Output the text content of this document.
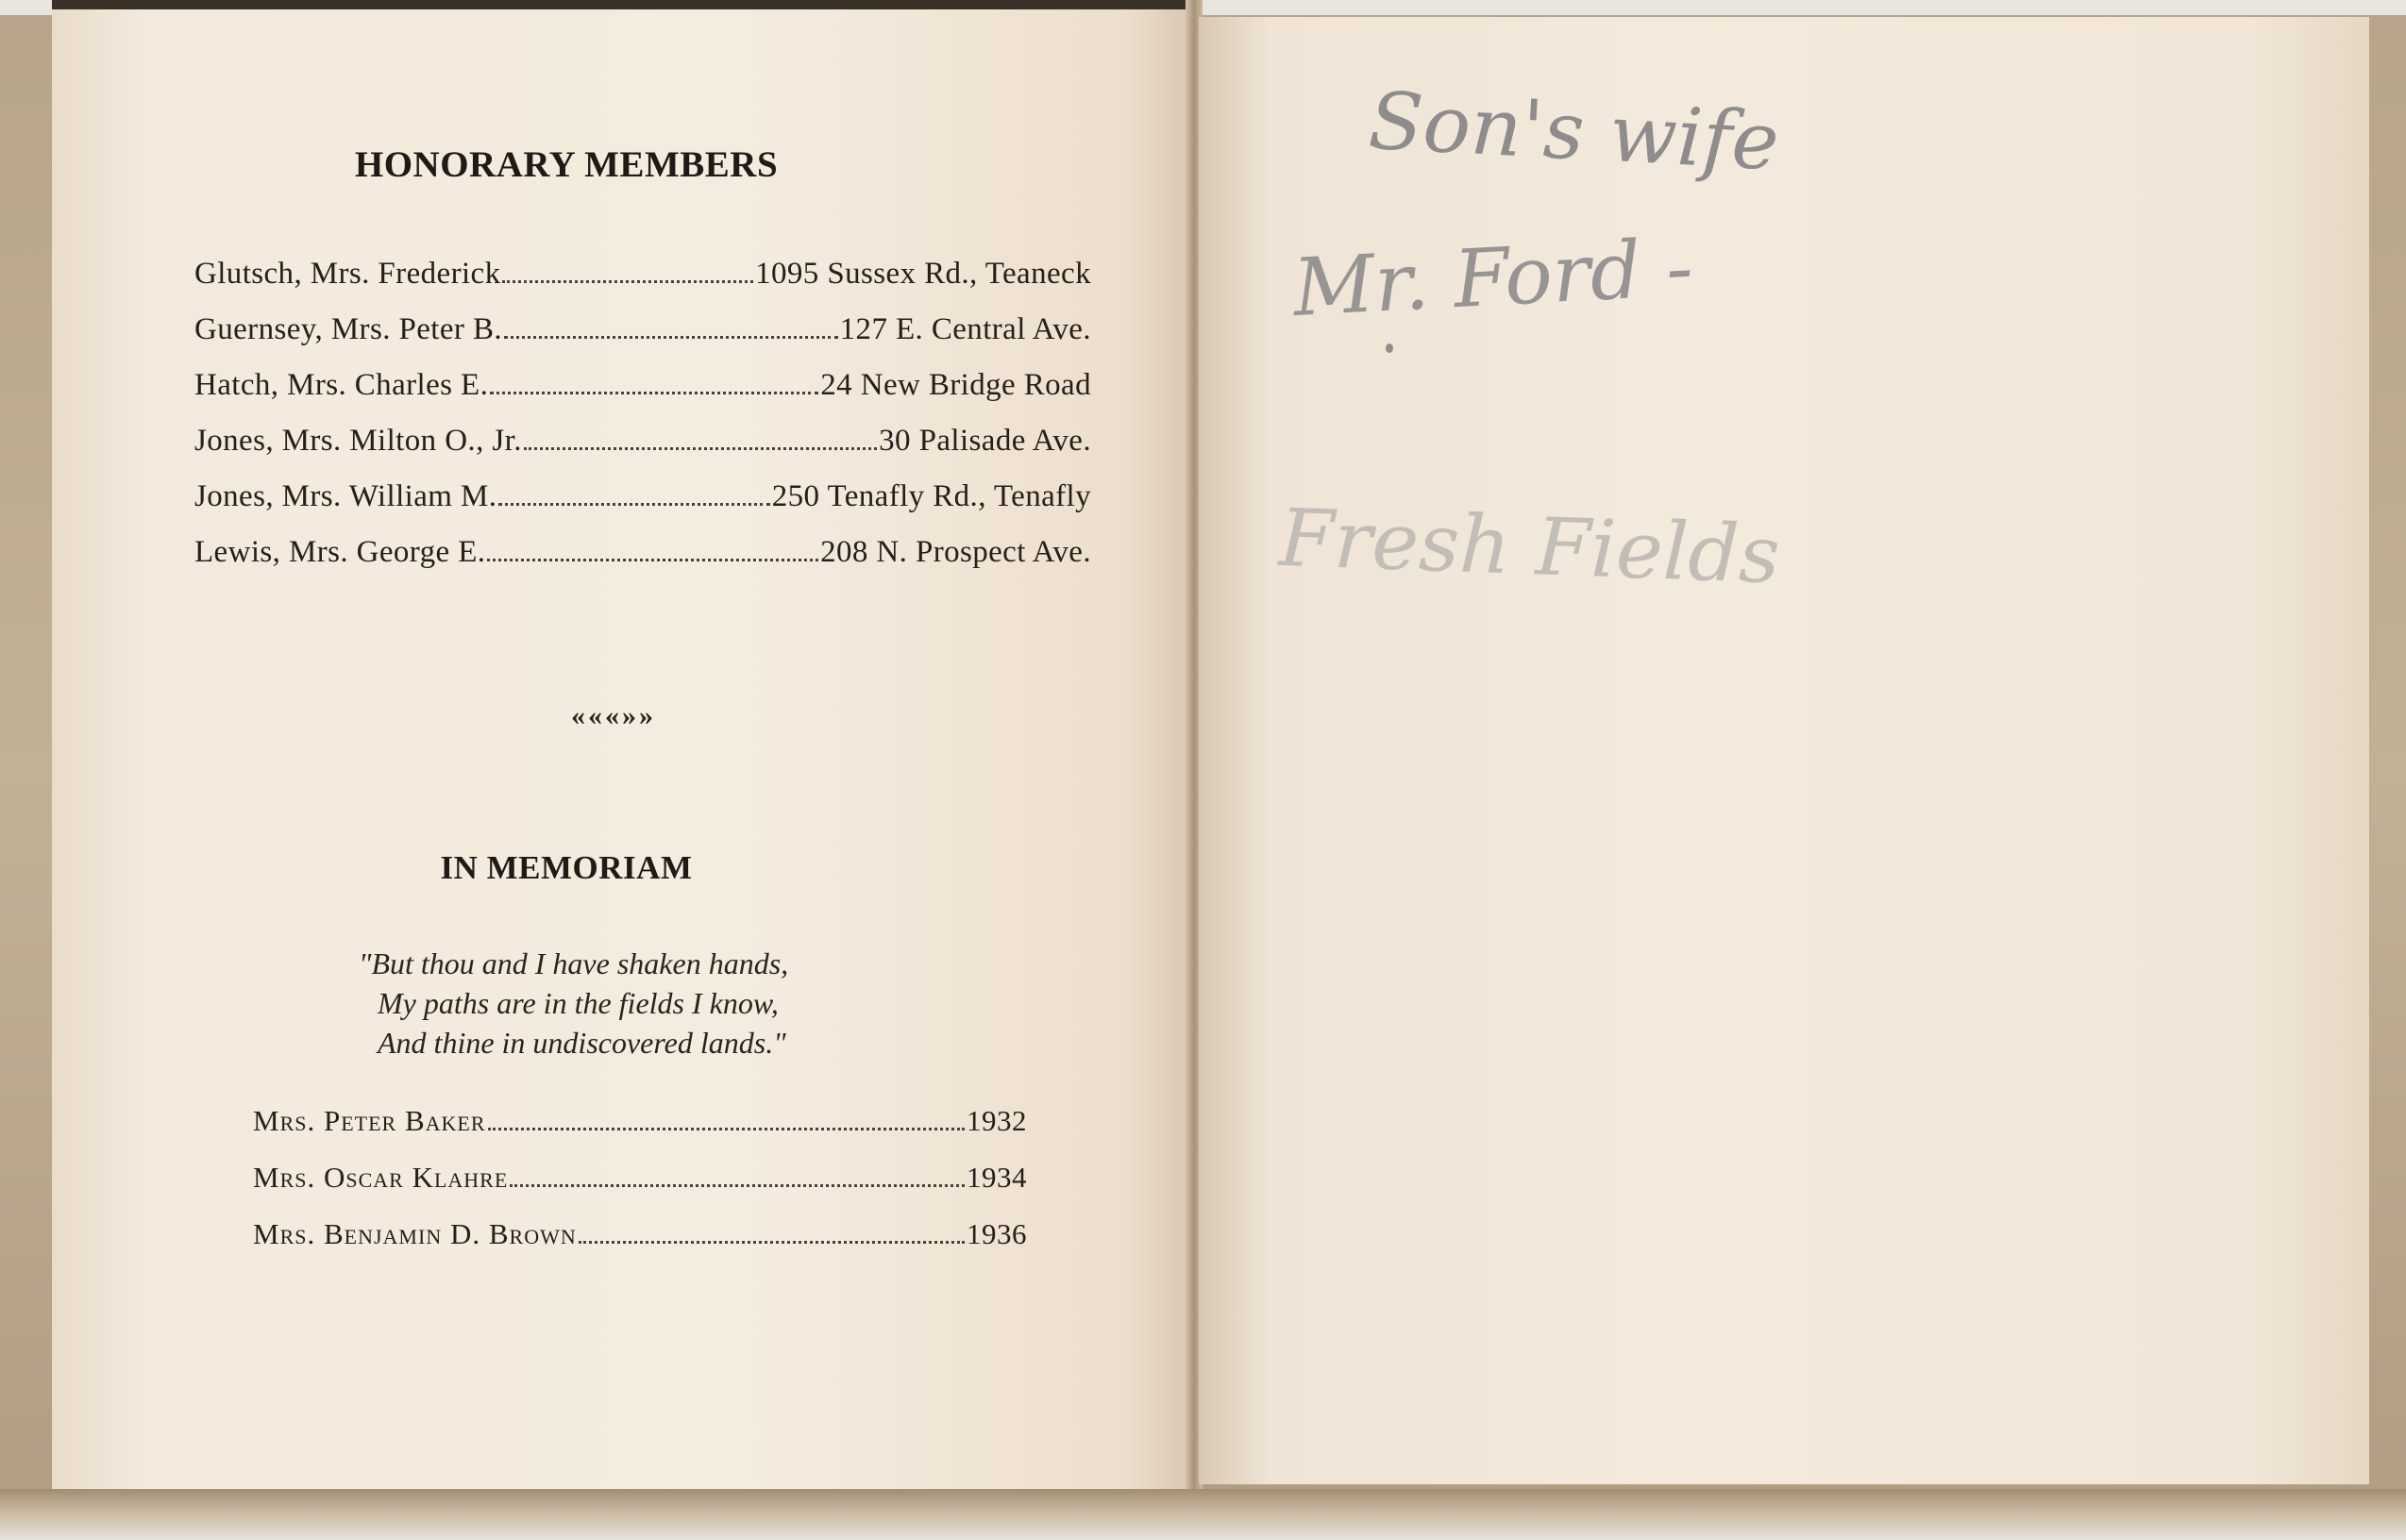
HONORARY MEMBERS
Glutsch, Mrs. Frederick	1095 Sussex Rd., Teaneck
Guernsey, Mrs. Peter B.	127 E. Central Ave.
Hatch, Mrs. Charles E.	24 New Bridge Road
Jones, Mrs. Milton O., Jr.	30 Palisade Ave.
Jones, Mrs. William M.	250 Tenafly Rd., Tenafly
Lewis, Mrs. George E.	208 N. Prospect Ave.
«««»»
IN MEMORIAM
"But thou and I have shaken hands,
My paths are in the fields I know,
And thine in undiscovered lands."
Mrs. Peter Baker	1932
Mrs. Oscar Klahre	1934
Mrs. Benjamin D. Brown	1936
Son's wife
Mr. Ford -
Fresh Fields
